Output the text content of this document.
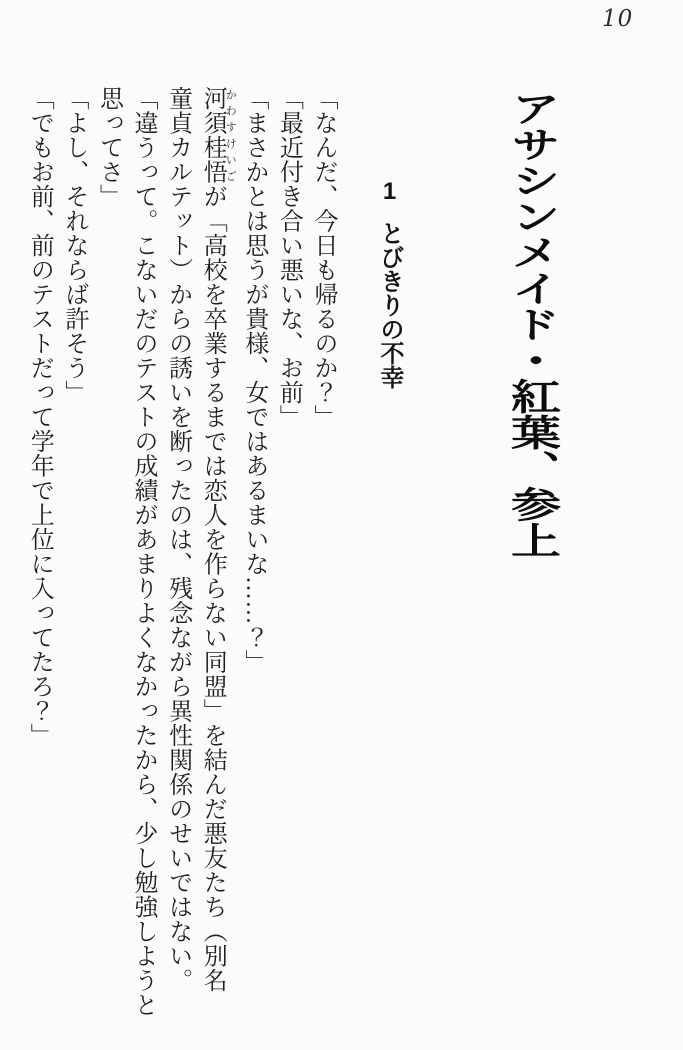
10
アサシンメイド・紅葉、参上
1とびきりの不幸

「なんだ、今日も帰るのか？」

「最近付き合い悪いな、お前」

「まさかとは思うが貴様、女ではあるまいな……？」

河須 かわす桂悟 けいごが「高校を卒業するまでは恋人を作らない同盟」を結んだ悪友たち（別名

童貞カルテット）からの誘いを断ったのは、残念ながら異性関係のせいではない。

「違うって。こないだのテストの成績があまりよくなかったから、少し勉強しようと

思ってさ」

「よし、それならば許そう」

「でもお前、前のテストだって学年で上位に入ってたろ？」
